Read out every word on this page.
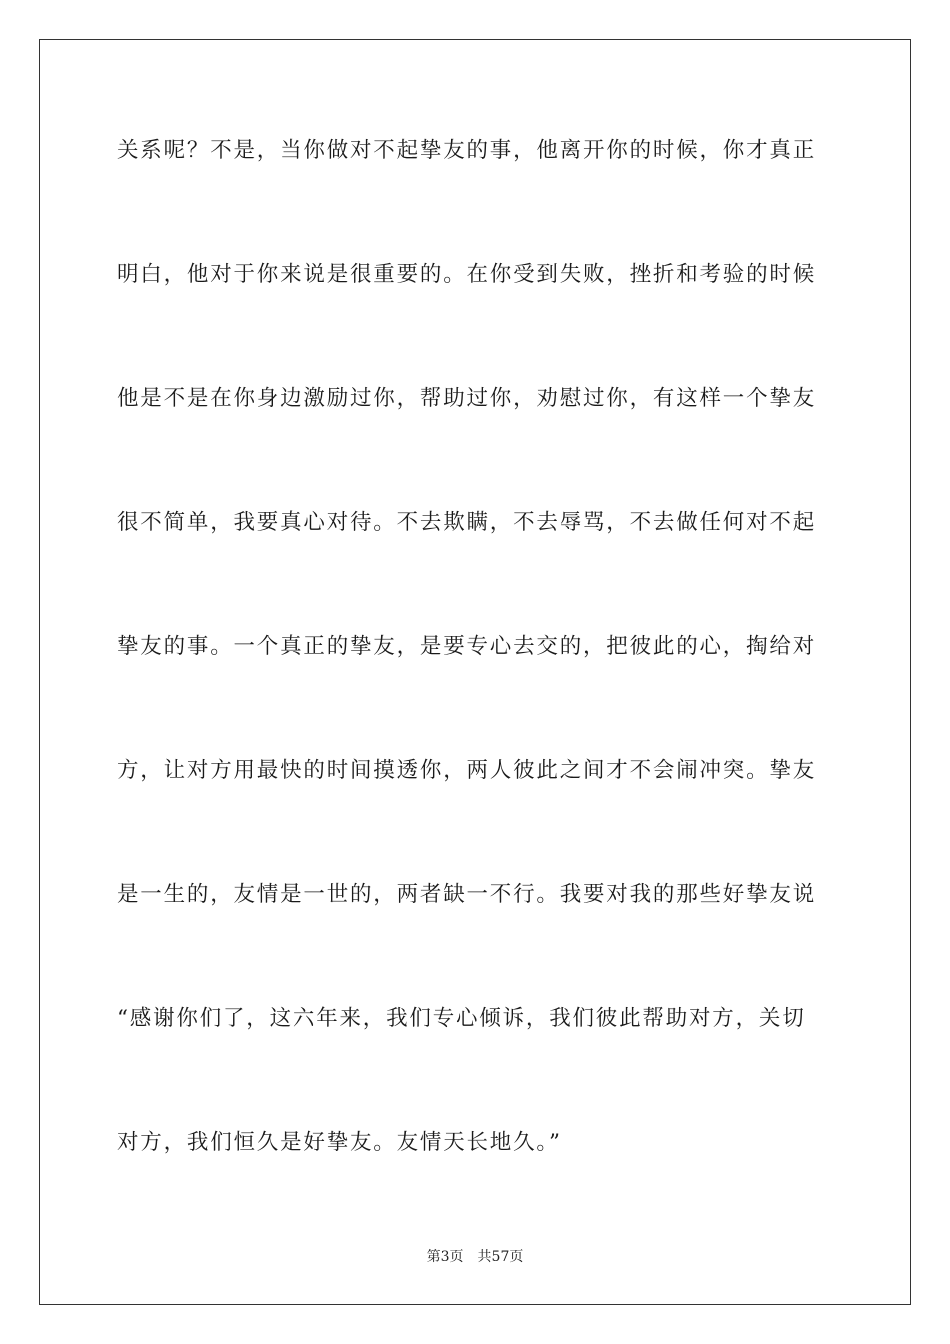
关系呢？不是，当你做对不起挚友的事，他离开你的时候，你才真正
明白，他对于你来说是很重要的。在你受到失败，挫折和考验的时候
他是不是在你身边激励过你，帮助过你，劝慰过你，有这样一个挚友
很不简单，我要真心对待。不去欺瞒，不去辱骂，不去做任何对不起
挚友的事。一个真正的挚友，是要专心去交的，把彼此的心，掏给对
方，让对方用最快的时间摸透你，两人彼此之间才不会闹冲突。挚友
是一生的，友情是一世的，两者缺一不行。我要对我的那些好挚友说
“感谢你们了，这六年来，我们专心倾诉，我们彼此帮助对方，关切
对方，我们恒久是好挚友。友情天长地久。”
第3页 共57页
